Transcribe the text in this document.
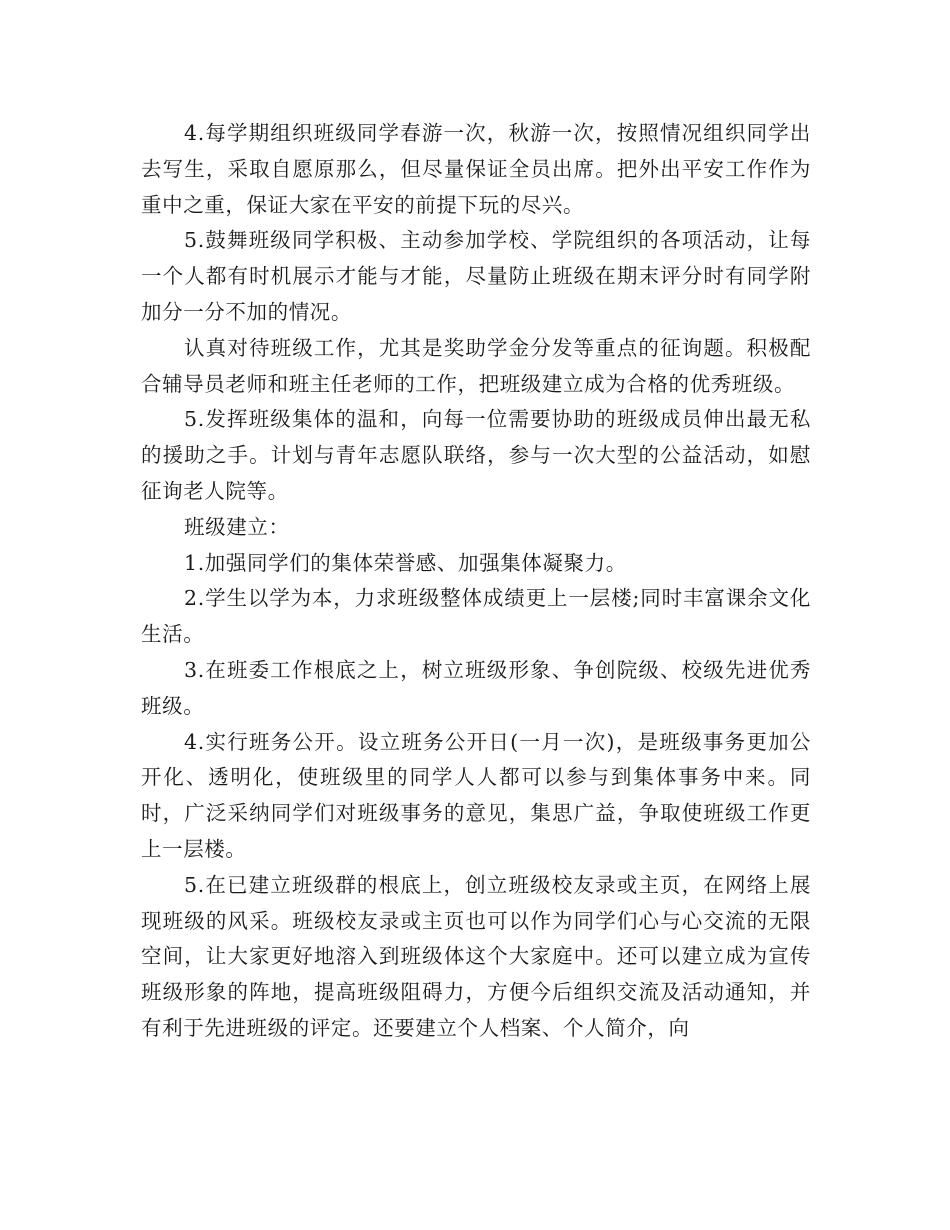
4.每学期组织班级同学春游一次，秋游一次，按照情况组织同学出去写生，采取自愿原那么，但尽量保证全员出席。把外出平安工作作为重中之重，保证大家在平安的前提下玩的尽兴。

5.鼓舞班级同学积极、主动参加学校、学院组织的各项活动，让每一个人都有时机展示才能与才能，尽量防止班级在期末评分时有同学附加分一分不加的情况。

认真对待班级工作，尤其是奖助学金分发等重点的征询题。积极配合辅导员老师和班主任老师的工作，把班级建立成为合格的优秀班级。

5.发挥班级集体的温和，向每一位需要协助的班级成员伸出最无私的援助之手。计划与青年志愿队联络，参与一次大型的公益活动，如慰征询老人院等。

班级建立：

1.加强同学们的集体荣誉感、加强集体凝聚力。

2.学生以学为本，力求班级整体成绩更上一层楼;同时丰富课余文化生活。

3.在班委工作根底之上，树立班级形象、争创院级、校级先进优秀班级。

4.实行班务公开。设立班务公开日(一月一次)，是班级事务更加公开化、透明化，使班级里的同学人人都可以参与到集体事务中来。同时，广泛采纳同学们对班级事务的意见，集思广益，争取使班级工作更上一层楼。

5.在已建立班级群的根底上，创立班级校友录或主页，在网络上展现班级的风采。班级校友录或主页也可以作为同学们心与心交流的无限空间，让大家更好地溶入到班级体这个大家庭中。还可以建立成为宣传班级形象的阵地，提高班级阻碍力，方便今后组织交流及活动通知，并有利于先进班级的评定。还要建立个人档案、个人简介，向
